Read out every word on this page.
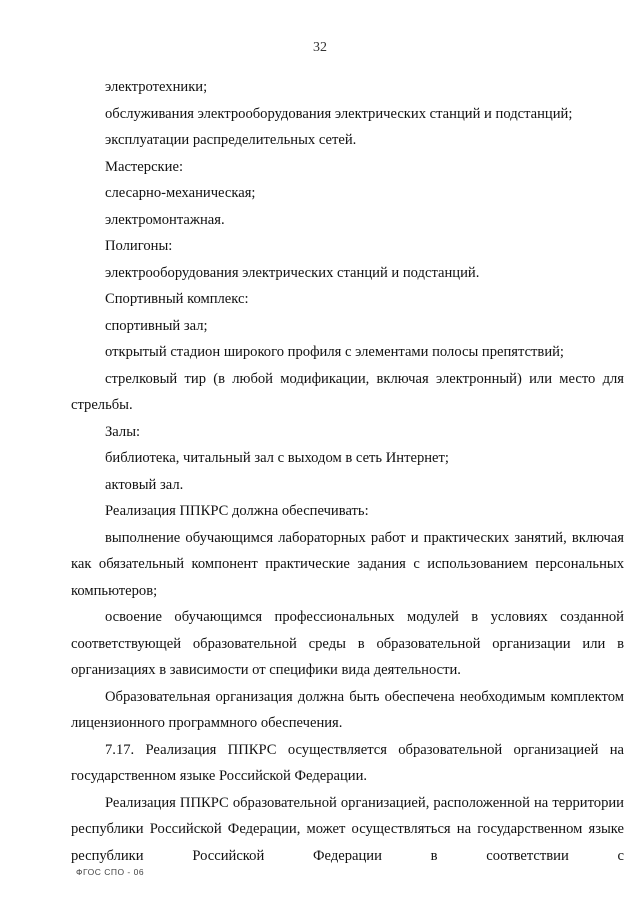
32

электротехники;

обслуживания электрооборудования электрических станций и подстанций;

эксплуатации распределительных сетей.

Мастерские:

слесарно-механическая;

электромонтажная.

Полигоны:

электрооборудования электрических станций и подстанций.

Спортивный комплекс:

спортивный зал;

открытый стадион широкого профиля с элементами полосы препятствий;

стрелковый тир (в любой модификации, включая электронный) или место для стрельбы.

Залы:

библиотека, читальный зал с выходом в сеть Интернет;

актовый зал.

Реализация ППКРС должна обеспечивать:

выполнение обучающимся лабораторных работ и практических занятий, включая как обязательный компонент практические задания с использованием персональных компьютеров;

освоение обучающимся профессиональных модулей в условиях созданной соответствующей образовательной среды в образовательной организации или в организациях в зависимости от специфики вида деятельности.

Образовательная организация должна быть обеспечена необходимым комплектом лицензионного программного обеспечения.

7.17. Реализация ППКРС осуществляется образовательной организацией на государственном языке Российской Федерации.

Реализация ППКРС образовательной организацией, расположенной на территории республики Российской Федерации, может осуществляться на государственном языке республики Российской Федерации в соответствии с

ФГОС СПО - 06
